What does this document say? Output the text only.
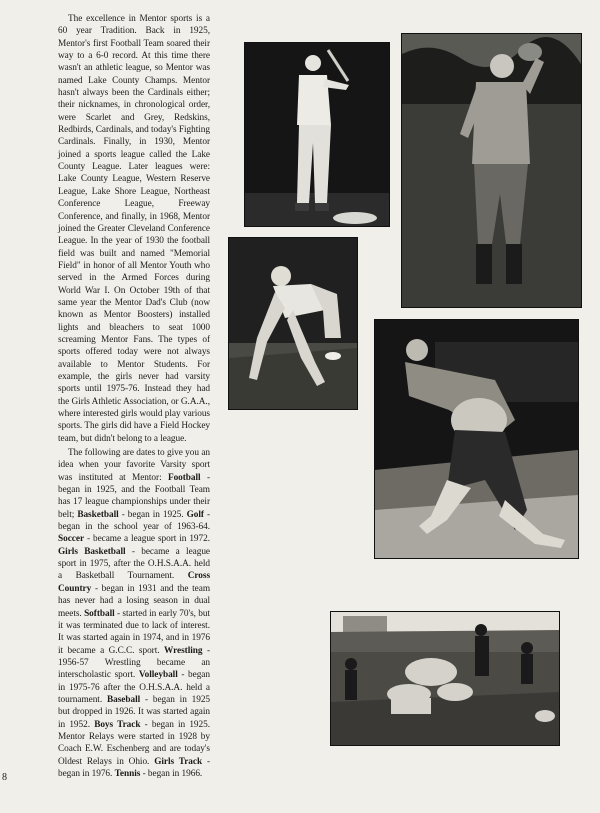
The excellence in Mentor sports is a 60 year Tradition. Back in 1925, Mentor's first Football Team soared their way to a 6-0 record. At this time there wasn't an athletic league, so Mentor was named Lake County Champs. Mentor hasn't always been the Cardinals either; their nicknames, in chronological order, were Scarlet and Grey, Redskins, Redbirds, Cardinals, and today's Fighting Cardinals. Finally, in 1930, Mentor joined a sports league called the Lake County League. Later leagues were: Lake County League, Western Reserve League, Lake Shore League, Northeast Conference League, Freeway Conference, and finally, in 1968, Mentor joined the Greater Cleveland Conference League. In the year of 1930 the football field was built and named "Memorial Field" in honor of all Mentor Youth who served in the Armed Forces during World War I. On October 19th of that same year the Mentor Dad's Club (now known as Mentor Boosters) installed lights and bleachers to seat 1000 screaming Mentor Fans. The types of sports offered today were not always available to Mentor Students. For example, the girls never had varsity sports until 1975-76. Instead they had the Girls Athletic Association, or G.A.A., where interested girls would play various sports. The girls did have a Field Hockey team, but didn't belong to a league.

The following are dates to give you an idea when your favorite Varsity sport was instituted at Mentor: Football - began in 1925, and the Football Team has 17 league championships under their belt; Basketball - began in 1925. Golf - began in the school year of 1963-64. Soccer - became a league sport in 1972. Girls Basketball - became a league sport in 1975, after the O.H.S.A.A. held a Basketball Tournament. Cross Country - began in 1931 and the team has never had a losing season in dual meets. Softball - started in early 70's, but it was terminated due to lack of interest. It was started again in 1974, and in 1976 it became a G.C.C. sport. Wrestling - 1956-57 Wrestling became an interscholastic sport. Volleyball - began in 1975-76 after the O.H.S.A.A. held a tournament. Baseball - began in 1925 but dropped in 1926. It was started again in 1952. Boys Track - began in 1925. Mentor Relays were started in 1928 by Coach E.W. Eschenberg and are today's Oldest Relays in Ohio. Girls Track - began in 1976. Tennis - began in 1966.

8
